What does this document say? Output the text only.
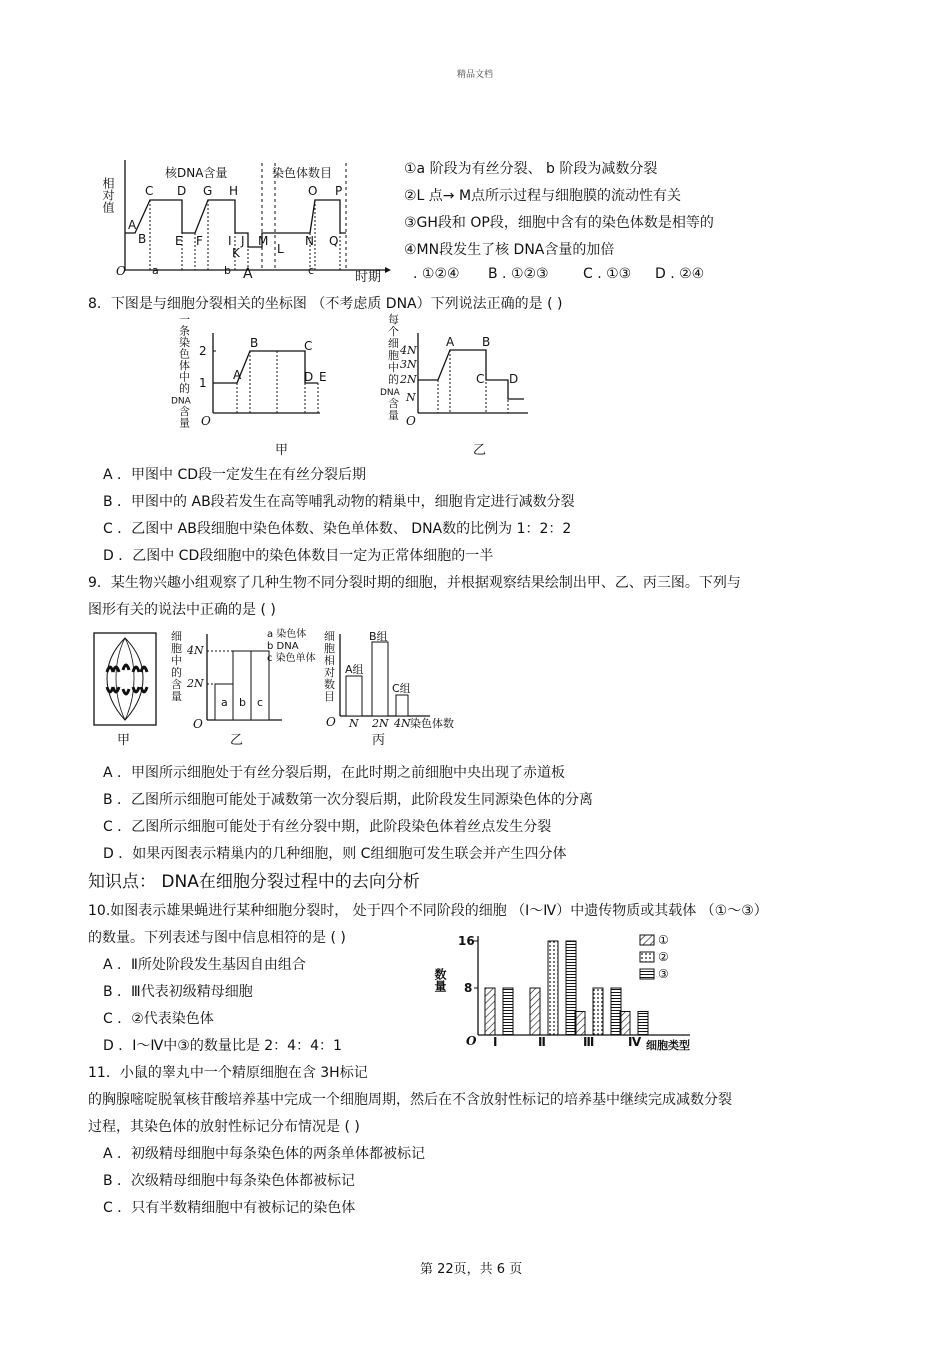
精品文档
相对值
核DNA含量	染色体数目
C D G H	O P
A
B E F I J
K
M
L
N Q
O a	b	c	时期
①a 阶段为有丝分裂、 b 阶段为减数分裂
②L 点→ M点所示过程与细胞膜的流动性有关
③GH段和 OP段，细胞中含有的染色体数是相等的
④MN段发生了核 DNA含量的加倍
A	. ①②④ B . ①②③ C . ①③ D . ②④
8．下图是与细胞分裂相关的坐标图 （不考虑质 DNA）下列说法正确的是 ( )
一
条
染
色
体
中
的
DNA
含
量
2
1
A
B	C
D E
O
甲
每
个
细
胞
中
的
DNA
含
量
4N
3N
2N
N
A B
C D
O
乙
A ．甲图中 CD段一定发生在有丝分裂后期
B ．甲图中的 AB段若发生在高等哺乳动物的精巢中，细胞肯定进行减数分裂
C ．乙图中 AB段细胞中染色体数、染色单体数、 DNA数的比例为 1：2：2
D ．乙图中 CD段细胞中的染色体数目一定为正常体细胞的一半
9．某生物兴趣小组观察了几种生物不同分裂时期的细胞，并根据观察结果绘制出甲、乙、丙三图。下列与
图形有关的说法中正确的是 ( )
甲
细
胞
中
的
含
量
4N
2N
a b c
a 染色体
b DNA
c 染色单体
O
乙
细
胞
相
对
数
目
A组
B组
C组
O N 2N 4N 染色体数
丙
A ．甲图所示细胞处于有丝分裂后期，在此时期之前细胞中央出现了赤道板
B ．乙图所示细胞可能处于减数第一次分裂后期，此阶段发生同源染色体的分离
C ．乙图所示细胞可能处于有丝分裂中期，此阶段染色体着丝点发生分裂
D ．如果丙图表示精巢内的几种细胞，则 C组细胞可发生联会并产生四分体
知识点： DNA在细胞分裂过程中的去向分析
10.如图表示雄果蝇进行某种细胞分裂时， 处于四个不同阶段的细胞 （Ⅰ～Ⅳ）中遗传物质或其载体 （①～③）
的数量。下列表述与图中信息相符的是 ( )
A ．Ⅱ所处阶段发生基因自由组合
B ．Ⅲ代表初级精母细胞
C ．②代表染色体
D ．Ⅰ～Ⅳ中③的数量比是 2：4：4：1
数量
16
8
O Ⅰ	Ⅱ	Ⅲ	Ⅳ 细胞类型
①
②
③
11．小鼠的睾丸中一个精原细胞在含 3H标记
的胸腺嘧啶脱氧核苷酸培养基中完成一个细胞周期，然后在不含放射性标记的培养基中继续完成减数分裂
过程，其染色体的放射性标记分布情况是 ( )
A ．初级精母细胞中每条染色体的两条单体都被标记
B ．次级精母细胞中每条染色体都被标记
C ．只有半数精细胞中有被标记的染色体
第 22页，共 6 页
